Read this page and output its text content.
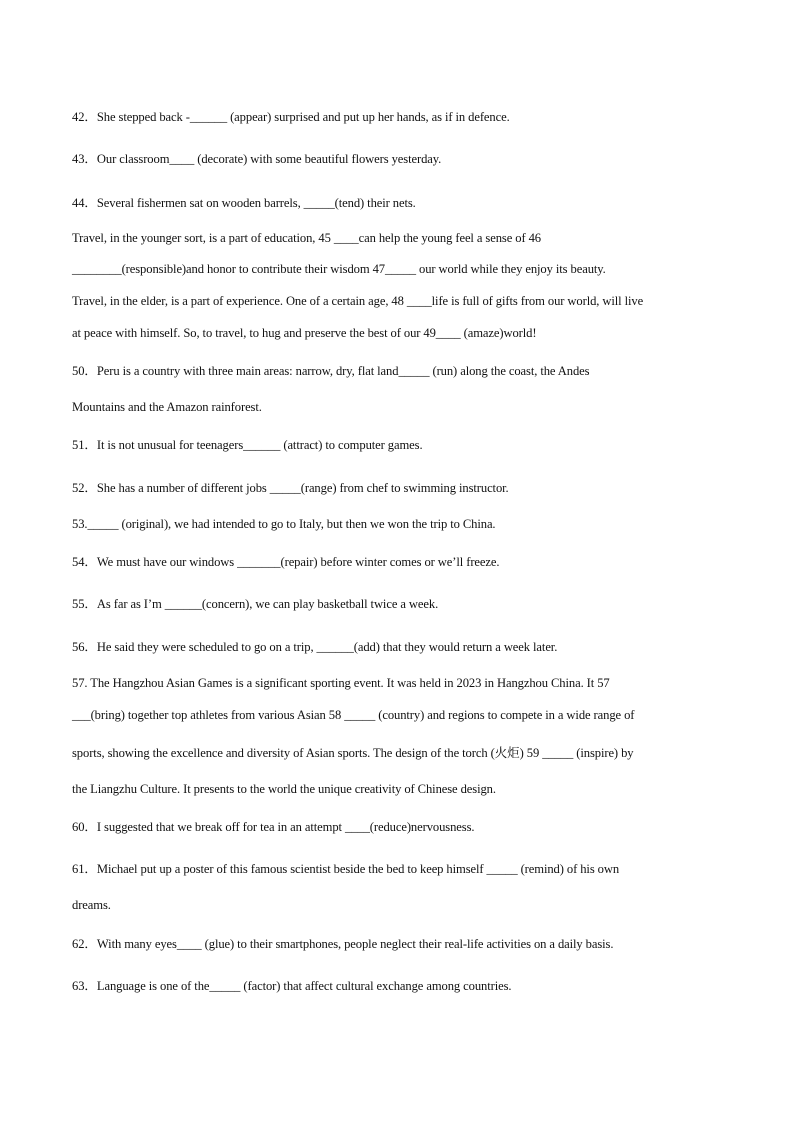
42．She stepped back -______ (appear) surprised and put up her hands, as if in defence.
43．Our classroom____ (decorate) with some beautiful flowers yesterday.
44．Several fishermen sat on wooden barrels, _____(tend) their nets.
Travel, in the younger sort, is a part of education, 45 ____can help the young feel a sense of 46
________(responsible)and honor to contribute their wisdom 47_____ our world while they enjoy its beauty.
Travel, in the elder, is a part of experience. One of a certain age, 48 ____life is full of gifts from our world, will live
at peace with himself. So, to travel, to hug and preserve the best of our 49____ (amaze)world!
50．Peru is a country with three main areas: narrow, dry, flat land_____ (run) along the coast, the Andes
Mountains and the Amazon rainforest.
51．It is not unusual for teenagers______ (attract) to computer games.
52．She has a number of different jobs _____(range) from chef to swimming instructor.
53._____ (original), we had intended to go to Italy, but then we won the trip to China.
54．We must have our windows _______(repair) before winter comes or we’ll freeze.
55．As far as I’m ______(concern), we can play basketball twice a week.
56．He said they were scheduled to go on a trip, ______(add) that they would return a week later.
57. The Hangzhou Asian Games is a significant sporting event. It was held in 2023 in Hangzhou China. It 57
___(bring) together top athletes from various Asian 58 _____ (country) and regions to compete in a wide range of
sports, showing the excellence and diversity of Asian sports. The design of the torch (火炬) 59 _____ (inspire) by
the Liangzhu Culture. It presents to the world the unique creativity of Chinese design.
60．I suggested that we break off for tea in an attempt ____(reduce)nervousness.
61．Michael put up a poster of this famous scientist beside the bed to keep himself _____ (remind) of his own
dreams.
62．With many eyes____ (glue) to their smartphones, people neglect their real-life activities on a daily basis.
63．Language is one of the_____ (factor) that affect cultural exchange among countries.
